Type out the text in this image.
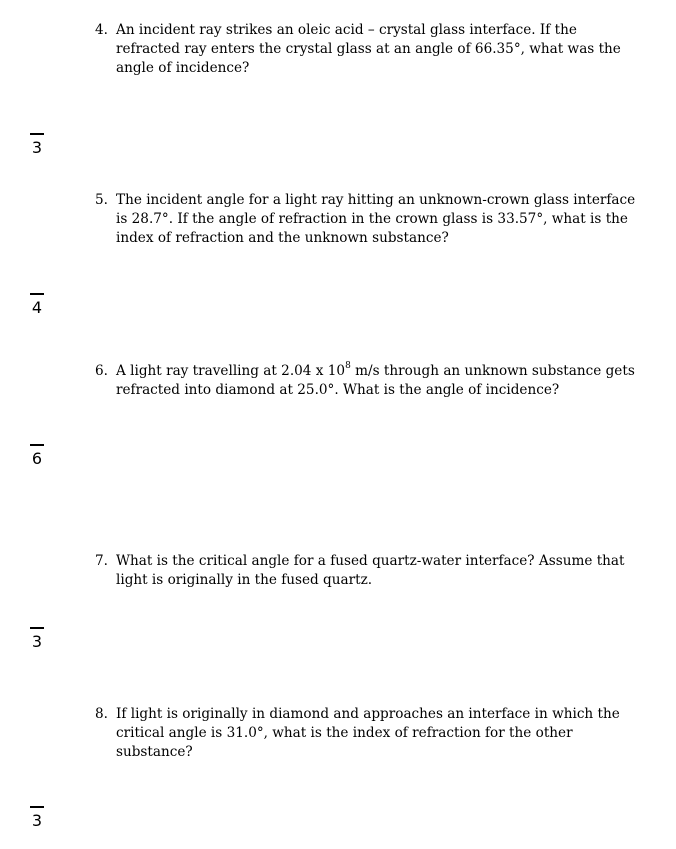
4. An incident ray strikes an oleic acid – crystal glass interface. If the refracted ray enters the crystal glass at an angle of 66.35°, what was the angle of incidence?
3
5. The incident angle for a light ray hitting an unknown-crown glass interface is 28.7°. If the angle of refraction in the crown glass is 33.57°, what is the index of refraction and the unknown substance?
4
6. A light ray travelling at 2.04 x $10^8$ m/s through an unknown substance gets refracted into diamond at 25.0°. What is the angle of incidence?
6
7. What is the critical angle for a fused quartz-water interface? Assume that light is originally in the fused quartz.
3
8. If light is originally in diamond and approaches an interface in which the critical angle is 31.0°, what is the index of refraction for the other substance?
3
